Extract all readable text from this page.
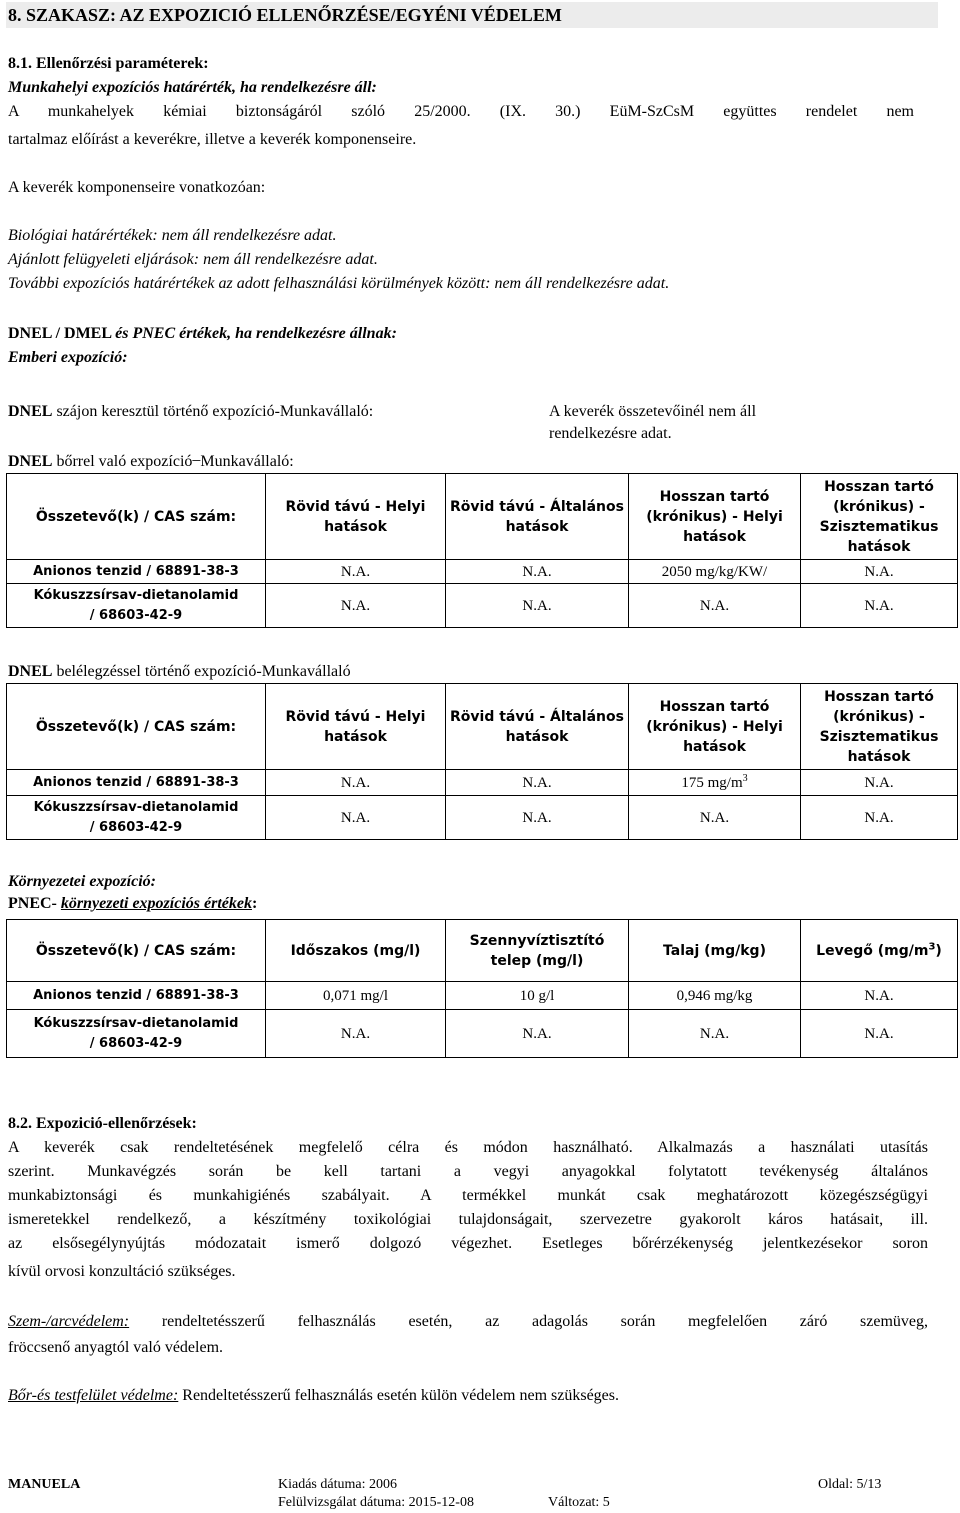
8. SZAKASZ: AZ EXPOZICIÓ ELLENŐRZÉSE/EGYÉNI VÉDELEM
8.1. Ellenőrzési paraméterek:
Munkahelyi expozíciós határérték, ha rendelkezésre áll:

A munkahelyek kémiai biztonságáról szóló 25/2000. (IX. 30.) EüM-SzCsM együttes rendelet nem

tartalmaz előírást a keverékre, illetve a keverék komponenseire.
A keverék komponenseire vonatkozóan:
Biológiai határértékek: nem áll rendelkezésre adat.
Ajánlott felügyeleti eljárások: nem áll rendelkezésre adat.
További expozíciós határértékek az adott felhasználási körülmények között: nem áll rendelkezésre adat.
DNEL / DMEL és PNEC értékek, ha rendelkezésre állnak:
Emberi expozíció:
DNEL szájon keresztül történő expozíció-Munkavállaló:	A keverék összetevőinél nem áll
rendelkezésre adat.
DNEL bőrrel való expozíció ̶ Munkavállaló:
Összetevő(k) / CAS szám:	Rövid távú - Helyi hatások	Rövid távú - Általános hatások	Hosszan tartó (krónikus) - Helyi hatások	Hosszan tartó (krónikus) - Szisztematikus hatások
Anionos tenzid / 68891-38-3	N.A.	N.A.	2050 mg/kg/KW/	N.A.

Kókuszzsírsav-dietanolamid
/ 68603-42-9	N.A.	N.A.	N.A.	N.A.
DNEL belélegzéssel történő expozíció-Munkavállaló
Összetevő(k) / CAS szám:	Rövid távú - Helyi hatások	Rövid távú - Általános hatások	Hosszan tartó (krónikus) - Helyi hatások	Hosszan tartó (krónikus) - Szisztematikus hatások
Anionos tenzid / 68891-38-3	N.A.	N.A.	175 $mg/m^3$	N.A.

Kókuszzsírsav-dietanolamid
/ 68603-42-9	N.A.	N.A.	N.A.	N.A.
Környezetei expozíció:
PNEC- környezeti expozíciós értékek:
Összetevő(k) / CAS szám:	Időszakos (mg/l)	Szennyvíztisztító telep (mg/l)	Talaj (mg/kg)	Levegő $(mg/m^3)$
Anionos tenzid / 68891-38-3	0,071 mg/l	10 g/l	0,946 mg/kg	N.A.

Kókuszzsírsav-dietanolamid
/ 68603-42-9	N.A.	N.A.	N.A.	N.A.
8.2. Expozició-ellenőrzések:

A keverék csak rendeltetésének megfelelő célra és módon használható. Alkalmazás a használati utasítás

szerint. Munkavégzés során be kell tartani a vegyi anyagokkal folytatott tevékenység általános

munkabiztonsági és munkahigiénés szabályait. A termékkel munkát csak meghatározott közegészségügyi

ismeretekkel rendelkező, a készítmény toxikológiai tulajdonságait, szervezetre gyakorolt káros hatásait, ill.

az elsősegélynyújtás módozatait ismerő dolgozó végezhet. Esetleges bőrérzékenység jelentkezésekor soron

kívül orvosi konzultáció szükséges.

Szem-/arcvédelem: rendeltetésszerű felhasználás esetén, az adagolás során megfelelően záró szemüveg,

fröccsenő anyagtól való védelem.
Bőr-és testfelület védelme: Rendeltetésszerű felhasználás esetén külön védelem nem szükséges.
MANUELA	Kiadás dátuma: 2006	Oldal: 5/13
Felülvizsgálat dátuma: 2015-12-08	Változat: 5
